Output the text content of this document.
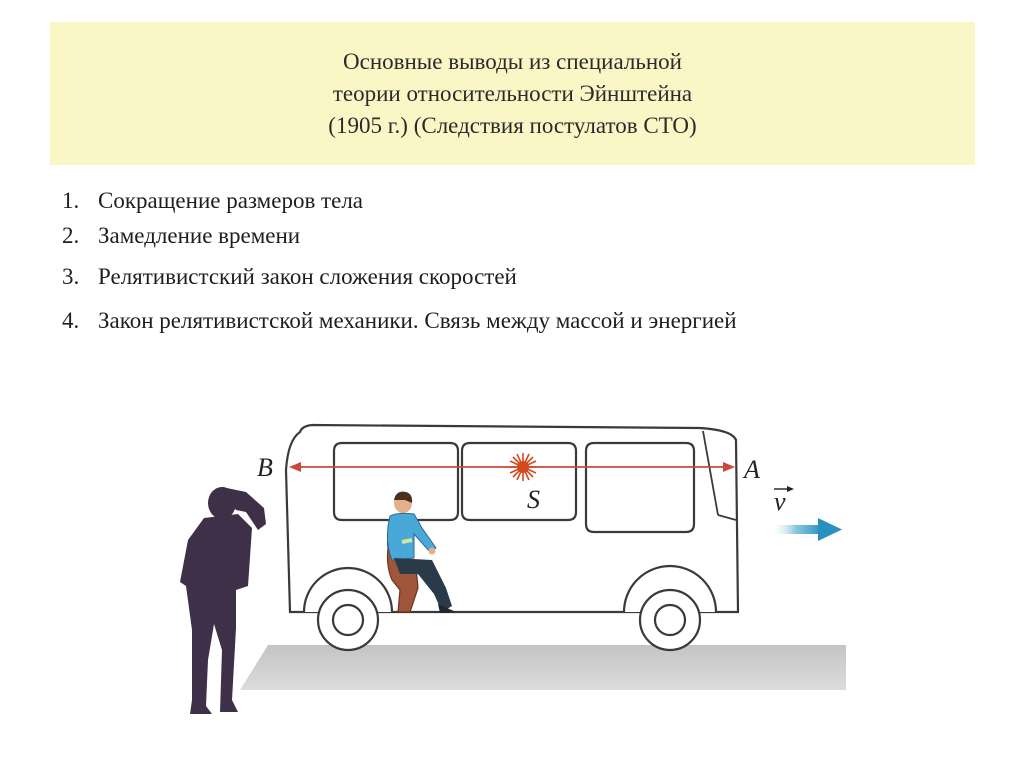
Основные выводы из специальной
теории относительности Эйнштейна
(1905 г.) (Следствия постулатов СТО)
1. Сокращение размеров тела
2. Замедление времени
3. Релятивистский закон сложения скоростей
4. Закон релятивистской механики. Связь между массой и энергией
B	A
S	v
